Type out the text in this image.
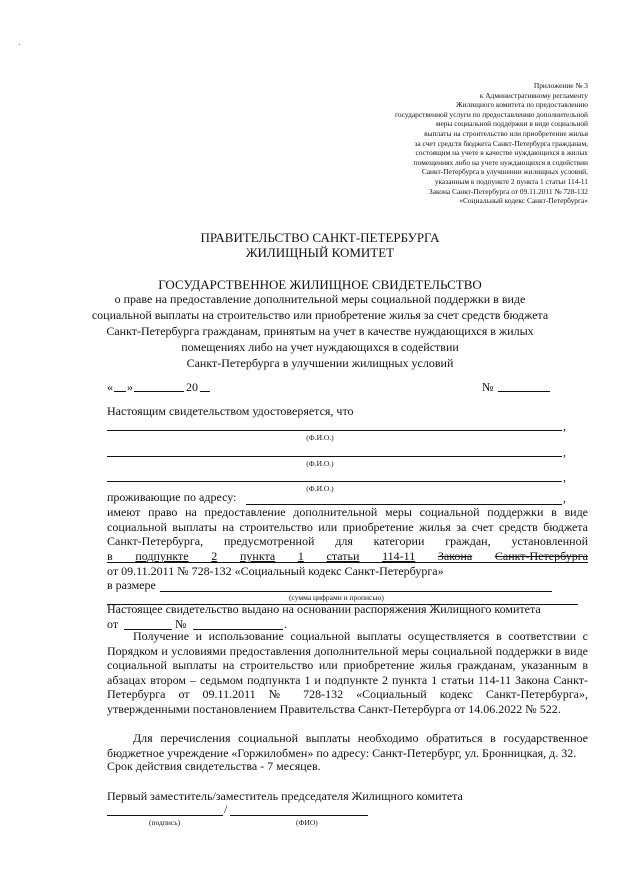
·
Приложение № 3
к Административному регламенту
Жилищного комитета по предоставлению
государственной услуги по предоставлению дополнительной
меры социальной поддержки в виде социальной
выплаты на строительство или приобретение жилья
за счет средств бюджета Санкт-Петербурга гражданам,
состоящим на учете в качестве нуждающихся в жилых
помещениях либо на учете нуждающихся в содействии
Санкт-Петербурга в улучшении жилищных условий,
указанным в подпункте 2 пункта 1 статьи 114-11
Закона Санкт-Петербурга от 09.11.2011 № 728-132
«Социальный кодекс Санкт-Петербурга»
ПРАВИТЕЛЬСТВО САНКТ-ПЕТЕРБУРГА
ЖИЛИЩНЫЙ КОМИТЕТ
ГОСУДАРСТВЕННОЕ ЖИЛИЩНОЕ СВИДЕТЕЛЬСТВО
о праве на предоставление дополнительной меры социальной поддержки в виде
социальной выплаты на строительство или приобретение жилья за счет средств бюджета
Санкт-Петербурга гражданам, принятым на учет в качестве нуждающихся в жилых
помещениях либо на учет нуждающихся в содействии
Санкт-Петербурга в улучшении жилищных условий
« »	20	№
Настоящим свидетельством удостоверяется, что
,
(Ф.И.О.)
,
(Ф.И.О.)
,
(Ф.И.О.)
проживающие по адресу:	,
имеют право на предоставление дополнительной меры социальной поддержки в виде социальной выплаты на строительство или приобретение жилья за счет средств бюджета Санкт-Петербурга, предусмотренной для категории граждан, установленной
в подпункте 2 пункта 1 статьи 114-11 Закона Санкт-Петербурга
от 09.11.2011 № 728-132 «Социальный кодекс Санкт-Петербурга»
в размере
(сумма цифрами и прописью)
Настоящее свидетельство выдано на основании распоряжения Жилищного комитета
от	№	.
Получение и использование социальной выплаты осуществляется в соответствии с Порядком и условиями предоставления дополнительной меры социальной поддержки в виде социальной выплаты на строительство или приобретение жилья гражданам, указанным в абзацах втором – седьмом подпункта 1 и подпункте 2 пункта 1 статьи 114-11 Закона Санкт-Петербурга от 09.11.2011 № 728-132 «Социальный кодекс Санкт-Петербурга», утвержденными постановлением Правительства Санкт-Петербурга от 14.06.2022 № 522.
Для перечисления социальной выплаты необходимо обратиться в государственное бюджетное учреждение «Горжилобмен» по адресу: Санкт-Петербург, ул. Бронницкая, д. 32.
Срок действия свидетельства - 7 месяцев.
Первый заместитель/заместитель председателя Жилищного комитета
/
(подпись)	(ФИО)
